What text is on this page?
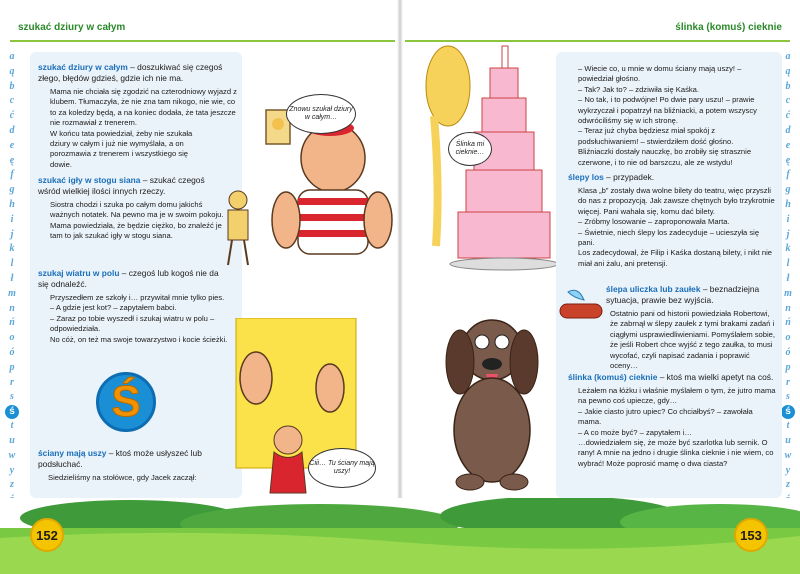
szukać dziury w całym
a
ą
b
c
ć
d
e
ę
f
g
h
i
j
k
l
ł
m
n
ń
o
ó
p
r
s
ś
t
u
w
y
z
szukać dziury w całym – doszukiwać się czegoś złego, błędów gdzieś, gdzie ich nie ma.
Mama nie chciała się zgodzić na czterodniowy wyjazd z klubem. Tłumaczyła, że nie zna tam nikogo, nie wie, co to za koledzy będą, a na koniec dodała, że tata jeszcze nie rozmawiał z trenerem.
W końcu tata powiedział, żeby nie szukała dziury w całym i już nie wymyślała, a on porozmawia z trenerem i wszystkiego się dowie.
szukać igły w stogu siana – szukać czegoś wśród wielkiej ilości innych rzeczy.
Siostra chodzi i szuka po całym domu jakichś ważnych notatek. Na pewno ma je w swoim pokoju. Mama powiedziała, że będzie ciężko, bo znaleźć je tam to jak szukać igły w stogu siana.
szukaj wiatru w polu – czegoś lub kogoś nie da się odnaleźć.
Przyszedłem ze szkoły i… przywitał mnie tylko pies.
– A gdzie jest kot? – zapytałem babci.
– Zaraz po tobie wyszedł i szukaj wiatru w polu – odpowiedziała.
No cóż, on też ma swoje towarzystwo i kocie ścieżki.
Ś
ściany mają uszy – ktoś może usłyszeć lub podsłuchać.
Siedzieliśmy na stołówce, gdy Jacek zaczął:
Znowu szukał dziury w całym…
Ciii… Tu ściany mają uszy!
ślinka (komuś) cieknie
a
ą
b
c
ć
d
e
ę
f
g
h
i
j
k
l
ł
m
n
ń
o
ó
p
r
s
ś
t
u
w
y
z
– Wiecie co, u mnie w domu ściany mają uszy! – powiedział głośno.
– Tak? Jak to? – zdziwiła się Kaśka.
– No tak, i to podwójne! Po dwie pary uszu! – prawie wykrzyczał i popatrzył na bliźniacki, a potem wszyscy odwróciliśmy się w ich stronę.
– Teraz już chyba będziesz miał spokój z podsłuchiwaniem! – stwierdziłem dość głośno.
Bliźniaczki dostały nauczkę, bo zrobiły się strasznie czerwone, i to nie od barszczu, ale ze wstydu!
ślepy los – przypadek.
Klasa „b” zostały dwa wolne bilety do teatru, więc przyszli do nas z propozycją. Jak zawsze chętnych było trzykrotnie więcej. Pani wahała się, komu dać bilety.
– Zróbmy losowanie – zaproponowała Marta.
– Świetnie, niech ślepy los zadecyduje – ucieszyła się pani.
Los zadecydował, że Filip i Kaśka dostaną bilety, i nikt nie miał ani żalu, ani pretensji.
ślepa uliczka lub zaułek – beznadziejna sytuacja, prawie bez wyjścia.
Ostatnio pani od historii powiedziała Robertowi, że zabrnął w ślepy zaułek z tymi brakami zadań i ciągłymi usprawiedliwieniami. Pomyślałem sobie, że jeśli Robert chce wyjść z tego zaułka, to musi wycofać, czyli napisać zadania i poprawić oceny…
ślinka (komuś) cieknie – ktoś ma wielki apetyt na coś.
Leżałem na łóżku i właśnie myślałem o tym, że jutro mama na pewno coś upiecze, gdy…
– Jakie ciasto jutro upiec? Co chciałbyś? – zawołała mama.
– A co może być? – zapytałem i…
…dowiedziałem się, że może być szarlotka lub sernik. O rany! A mnie na jedno i drugie ślinka cieknie i nie wiem, co wybrać! Może poprosić mamę o dwa ciasta?
Ślinka mi cieknie…
152	153
